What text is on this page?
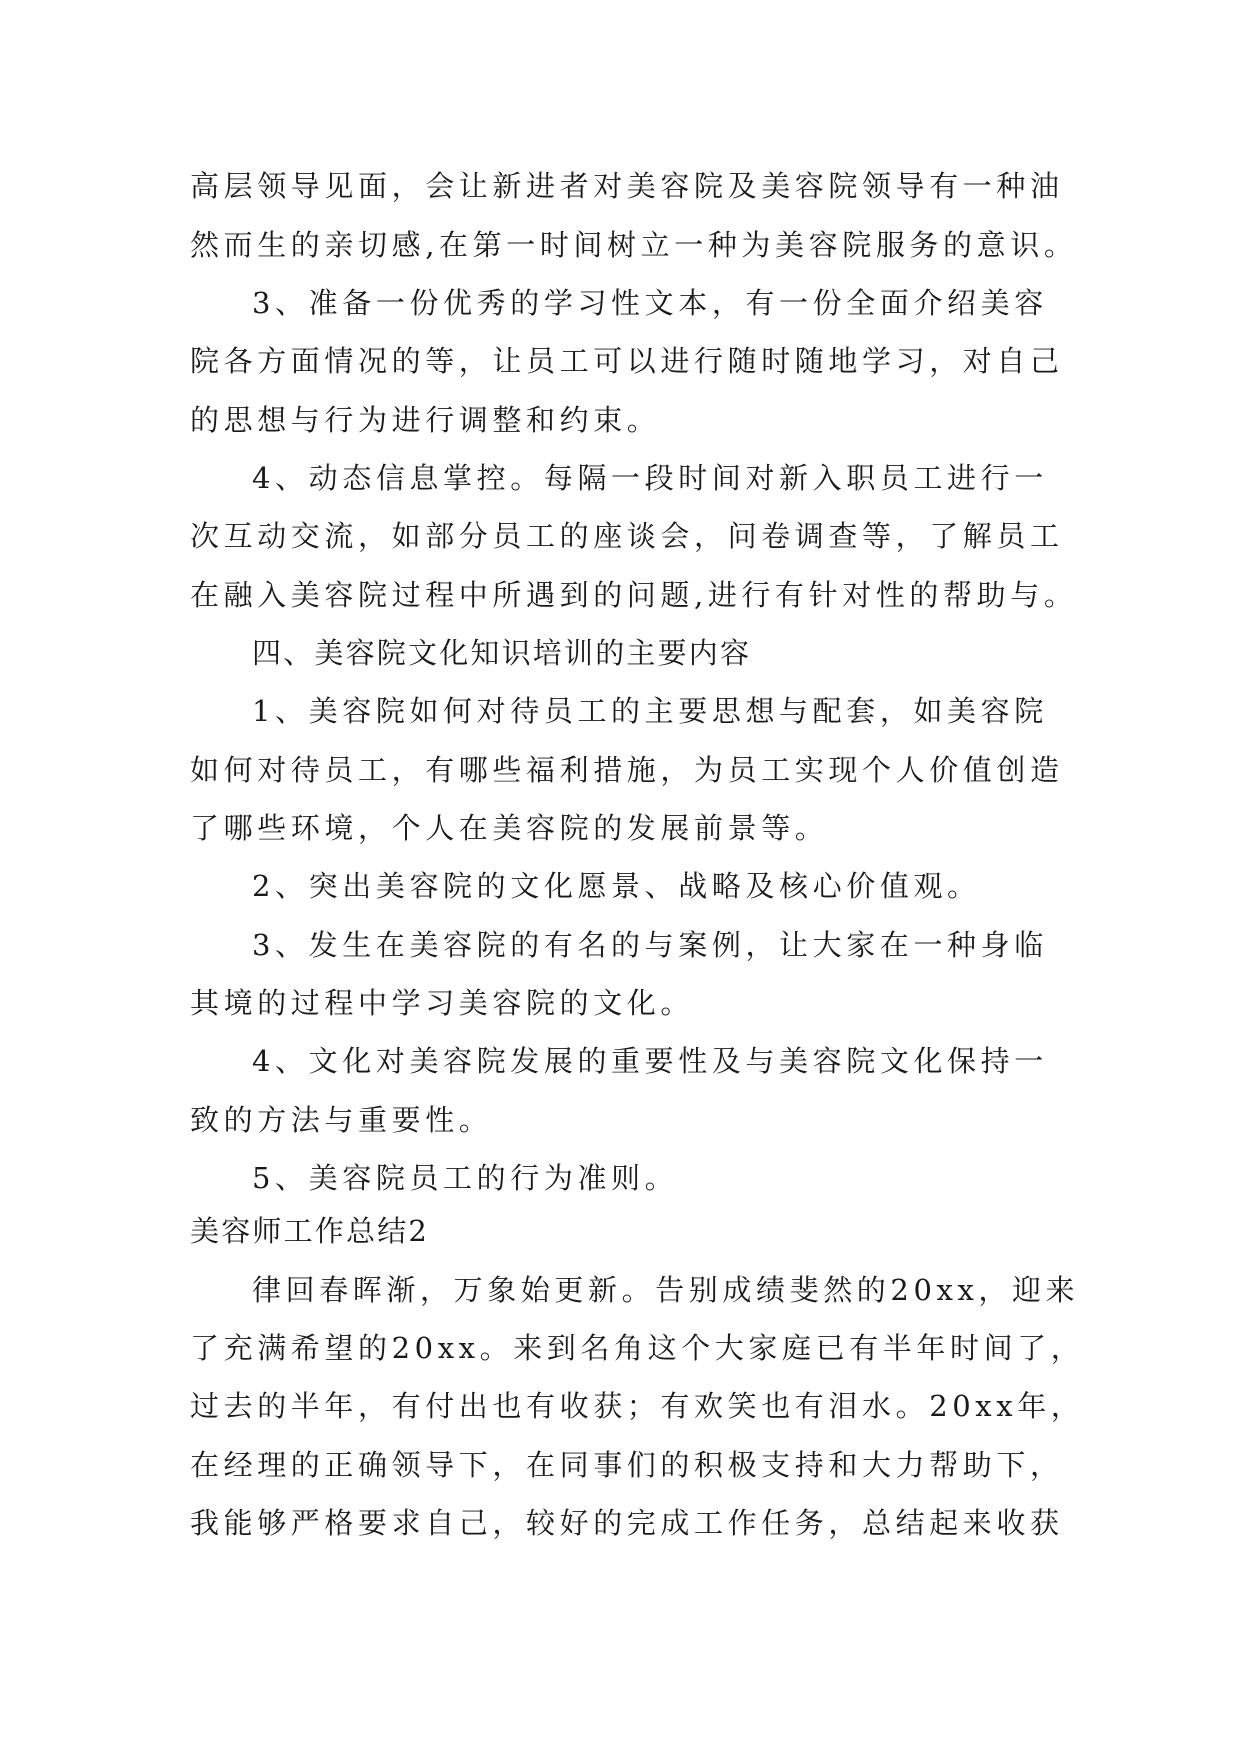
高层领导见面，会让新进者对美容院及美容院领导有一种油
然而生的亲切感,在第一时间树立一种为美容院服务的意识。
3、准备一份优秀的学习性文本，有一份全面介绍美容
院各方面情况的等，让员工可以进行随时随地学习，对自己
的思想与行为进行调整和约束。
4、动态信息掌控。每隔一段时间对新入职员工进行一
次互动交流，如部分员工的座谈会，问卷调查等，了解员工
在融入美容院过程中所遇到的问题,进行有针对性的帮助与。
四、美容院文化知识培训的主要内容
1、美容院如何对待员工的主要思想与配套，如美容院
如何对待员工，有哪些福利措施，为员工实现个人价值创造
了哪些环境，个人在美容院的发展前景等。
2、突出美容院的文化愿景、战略及核心价值观。
3、发生在美容院的有名的与案例，让大家在一种身临
其境的过程中学习美容院的文化。
4、文化对美容院发展的重要性及与美容院文化保持一
致的方法与重要性。
5、美容院员工的行为准则。
美容师工作总结2
律回春晖渐，万象始更新。告别成绩斐然的20xx，迎来
了充满希望的20xx。来到名角这个大家庭已有半年时间了，
过去的半年，有付出也有收获；有欢笑也有泪水。20xx年，
在经理的正确领导下，在同事们的积极支持和大力帮助下，
我能够严格要求自己，较好的完成工作任务，总结起来收获
